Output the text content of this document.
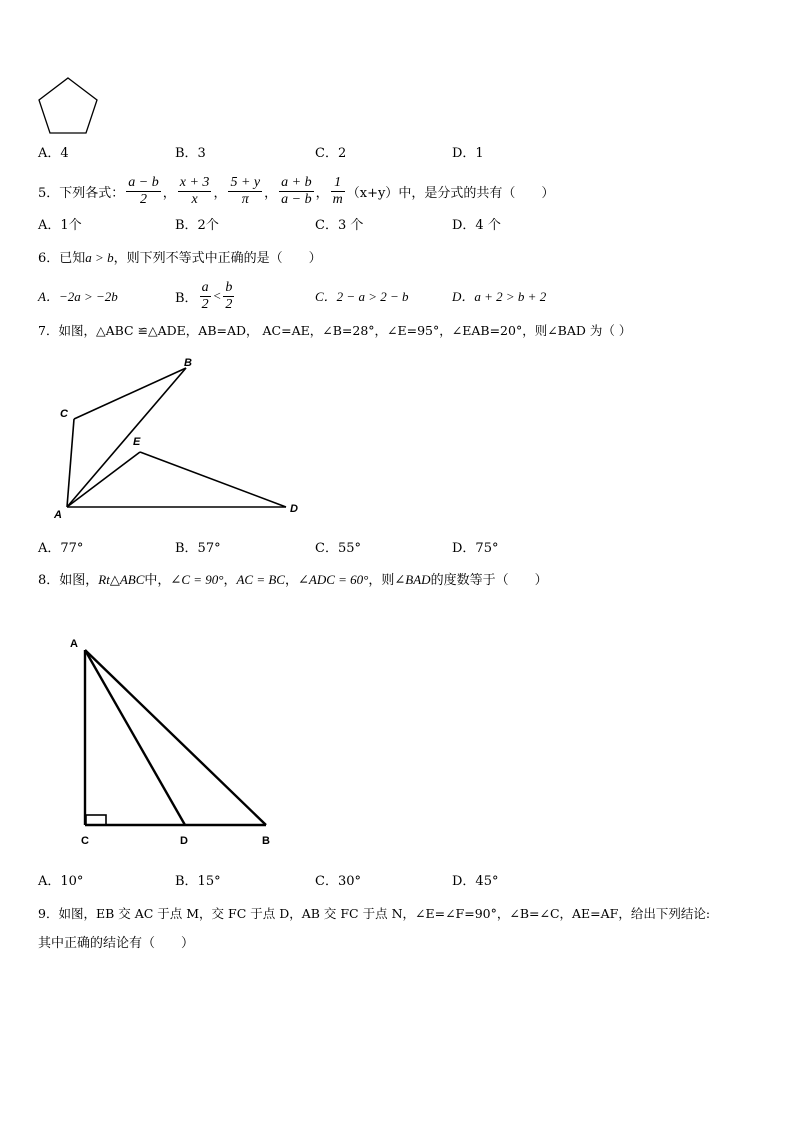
A．4	B．3	C．2	D．1
5． 下列各式： $\frac{a - b}{2}$ ， $\frac{x + 3}{x}$ ， $\frac{5 + y}{\pi}$ ， $\frac{a + b}{a - b}$ ， $\frac{1}{m} (x+y)$ 中，是分式的共有（　　）
A．1个	B．2个	C．3 个	D．4 个
6．已知a > b，则下列不等式中正确的是（　　）
A．−2a > −2b	B． $\frac{a}{2} < \frac{b}{2}$	C．2 − a > 2 − b	D．a + 2 > b + 2
7．如图，△ABC ≌△ADE，AB=AD， AC=AE，∠B=28°，∠E=95°，∠EAB=20°，则∠BAD 为（ ）
B
C
E
A	D
A．77°	B．57°	C．55°	D．75°
8．如图，Rt△ABC中，∠C = 90°，AC = BC，∠ADC = 60°，则∠BAD的度数等于（　　）
A
C	D	B
A．10°	B．15°	C．30°	D．45°
9．如图，EB 交 AC 于点 M，交 FC 于点 D，AB 交 FC 于点 N，∠E=∠F=90°，∠B=∠C，AE=AF，给出下列结论:
其中正确的结论有（　　）
